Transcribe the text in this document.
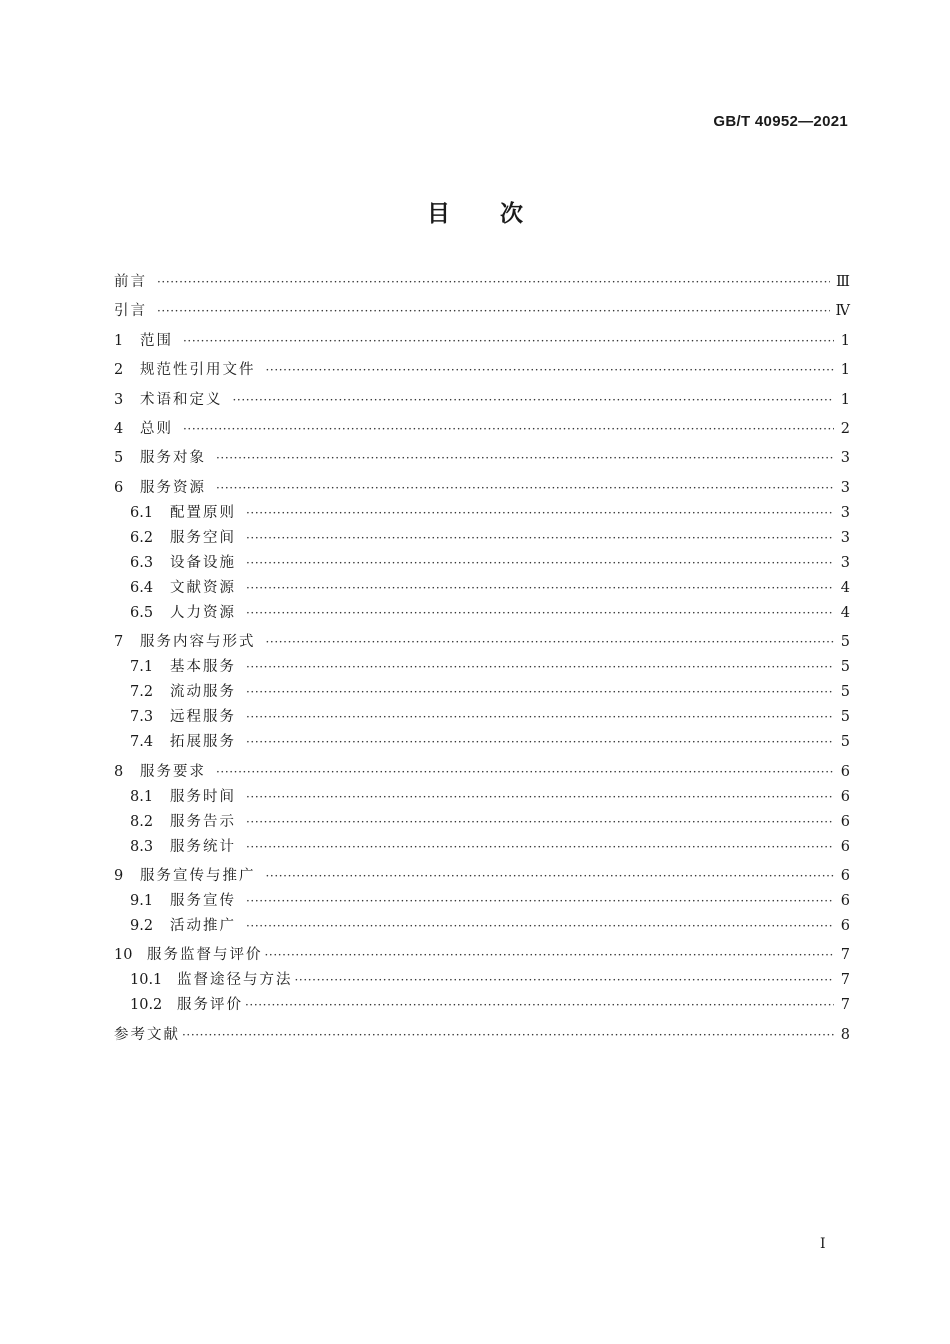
GB/T 40952—2021
目次
前言 ·····	Ⅲ
引言 ·····	Ⅳ
1	范围 ·····	1
2	规范性引用文件 ·····	1
3	术语和定义 ·····	1
4	总则 ·····	2
5	服务对象 ·····	3
6	服务资源 ·····	3
6.1	配置原则 ·····	3
6.2	服务空间 ·····	3
6.3	设备设施 ·····	3
6.4	文献资源 ·····	4
6.5	人力资源 ·····	4
7	服务内容与形式 ·····	5
7.1	基本服务 ·····	5
7.2	流动服务 ·····	5
7.3	远程服务 ·····	5
7.4	拓展服务 ·····	5
8	服务要求 ·····	6
8.1	服务时间 ·····	6
8.2	服务告示 ·····	6
8.3	服务统计 ·····	6
9	服务宣传与推广 ·····	6
9.1	服务宣传 ·····	6
9.2	活动推广 ·····	6
10	服务监督与评价 ·····	7
10.1	监督途径与方法 ·····	7
10.2	服务评价 ·····	7
参考文献 ·····	8
Ⅰ
